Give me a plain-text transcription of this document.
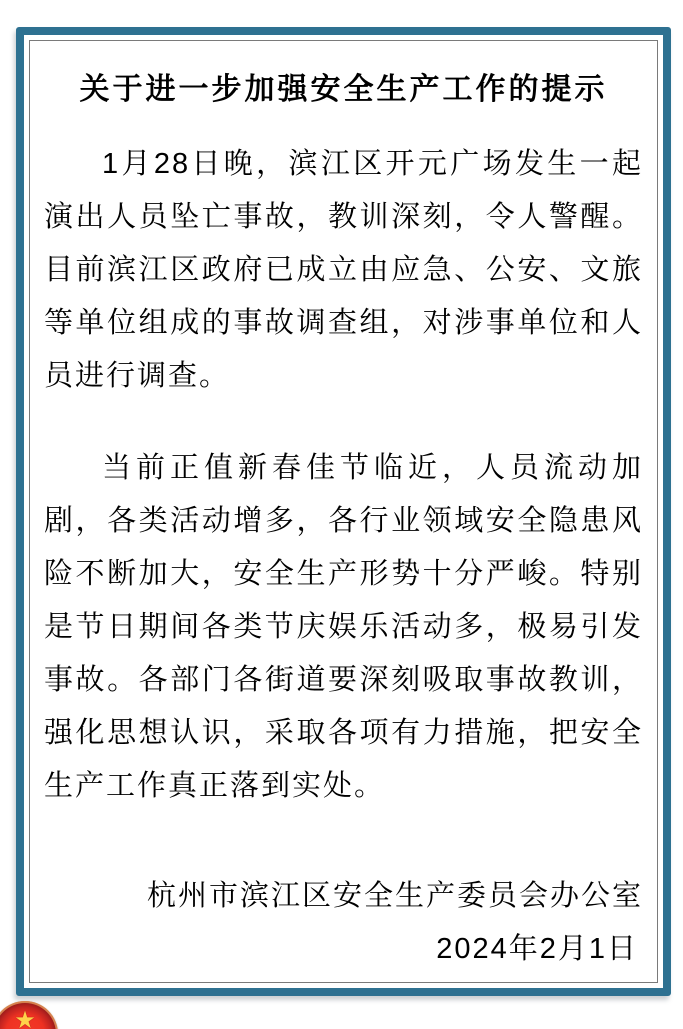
关于进一步加强安全生产工作的提示

1月28日晚，滨江区开元广场发生一起演出人员坠亡事故，教训深刻，令人警醒。目前滨江区政府已成立由应急、公安、文旅等单位组成的事故调查组，对涉事单位和人员进行调查。

当前正值新春佳节临近，人员流动加剧，各类活动增多，各行业领域安全隐患风险不断加大，安全生产形势十分严峻。特别是节日期间各类节庆娱乐活动多，极易引发事故。各部门各街道要深刻吸取事故教训，强化思想认识，采取各项有力措施，把安全生产工作真正落到实处。

杭州市滨江区安全生产委员会办公室
2024年2月1日
★
